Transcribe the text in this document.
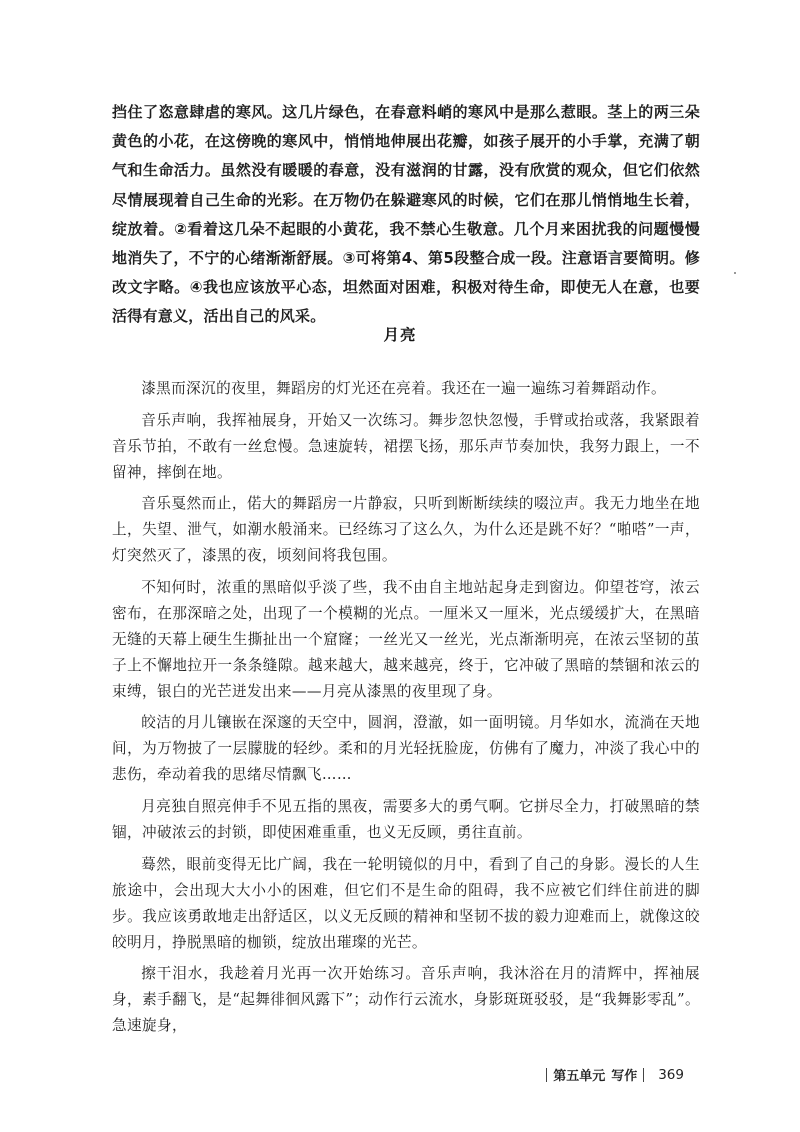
挡住了恣意肆虐的寒风。这几片绿色，在春意料峭的寒风中是那么惹眼。茎上的两三朵黄色的小花，在这傍晚的寒风中，悄悄地伸展出花瓣，如孩子展开的小手掌，充满了朝气和生命活力。虽然没有暖暖的春意，没有滋润的甘露，没有欣赏的观众，但它们依然尽情展现着自己生命的光彩。在万物仍在躲避寒风的时候，它们在那儿悄悄地生长着，绽放着。②看着这几朵不起眼的小黄花，我不禁心生敬意。几个月来困扰我的问题慢慢地消失了，不宁的心绪渐渐舒展。③可将第4、第5段整合成一段。注意语言要简明。修改文字略。④我也应该放平心态，坦然面对困难，积极对待生命，即使无人在意，也要活得有意义，活出自己的风采。

月亮

漆黑而深沉的夜里，舞蹈房的灯光还在亮着。我还在一遍一遍练习着舞蹈动作。

音乐声响，我挥袖展身，开始又一次练习。舞步忽快忽慢，手臂或抬或落，我紧跟着音乐节拍，不敢有一丝怠慢。急速旋转，裙摆飞扬，那乐声节奏加快，我努力跟上，一不留神，摔倒在地。

音乐戛然而止，偌大的舞蹈房一片静寂，只听到断断续续的啜泣声。我无力地坐在地上，失望、泄气，如潮水般涌来。已经练习了这么久，为什么还是跳不好？“啪嗒”一声，灯突然灭了，漆黑的夜，顷刻间将我包围。

不知何时，浓重的黑暗似乎淡了些，我不由自主地站起身走到窗边。仰望苍穹，浓云密布，在那深暗之处，出现了一个模糊的光点。一厘米又一厘米，光点缓缓扩大，在黑暗无缝的天幕上硬生生撕扯出一个窟窿；一丝光又一丝光，光点渐渐明亮，在浓云坚韧的茧子上不懈地拉开一条条缝隙。越来越大，越来越亮，终于，它冲破了黑暗的禁锢和浓云的束缚，银白的光芒迸发出来——月亮从漆黑的夜里现了身。

皎洁的月儿镶嵌在深邃的天空中，圆润，澄澈，如一面明镜。月华如水，流淌在天地间，为万物披了一层朦胧的轻纱。柔和的月光轻抚脸庞，仿佛有了魔力，冲淡了我心中的悲伤，牵动着我的思绪尽情飘飞……

月亮独自照亮伸手不见五指的黑夜，需要多大的勇气啊。它拼尽全力，打破黑暗的禁锢，冲破浓云的封锁，即使困难重重，也义无反顾，勇往直前。

蓦然，眼前变得无比广阔，我在一轮明镜似的月中，看到了自己的身影。漫长的人生旅途中，会出现大大小小的困难，但它们不是生命的阻碍，我不应被它们绊住前进的脚步。我应该勇敢地走出舒适区，以义无反顾的精神和坚韧不拔的毅力迎难而上，就像这皎皎明月，挣脱黑暗的枷锁，绽放出璀璨的光芒。

擦干泪水，我趁着月光再一次开始练习。音乐声响，我沐浴在月的清辉中，挥袖展身，素手翻飞，是“起舞徘徊风露下”；动作行云流水，身影斑斑驳驳，是“我舞影零乱”。急速旋身，

第五单元 写作 369
